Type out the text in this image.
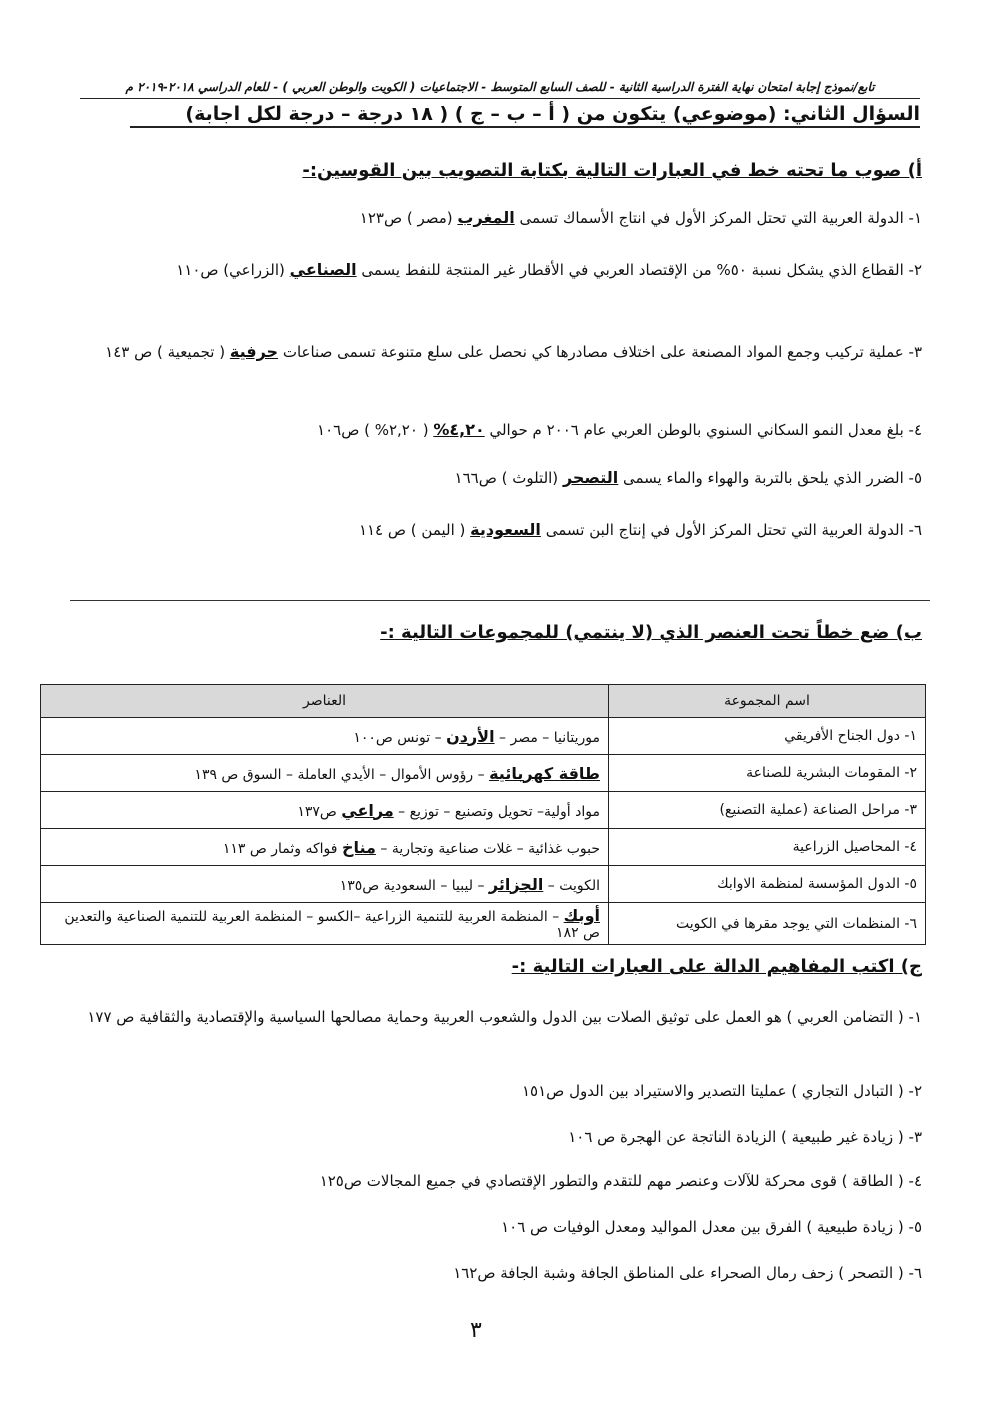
تابع/نموذج إجابة امتحان نهاية الفترة الدراسية الثانية - للصف السابع المتوسط - الاجتماعيات ( الكويت والوطن العربي ) - للعام الدراسي ٢٠١٨-٢٠١٩ م
السؤال الثاني: (موضوعي) يتكون من ( أ – ب – ج ) ( ١٨ درجة – درجة لكل اجابة)
أ) صوب ما تحته خط في العبارات التالية بكتابة التصويب بين القوسين:-
١- الدولة العربية التي تحتل المركز الأول في انتاج الأسماك تسمى المغرب (مصر ) ص١٢٣
٢- القطاع الذي يشكل نسبة ٥٠% من الإقتصاد العربي في الأقطار غير المنتجة للنفط يسمى الصناعي (الزراعي) ص١١٠
٣- عملية تركيب وجمع المواد المصنعة على اختلاف مصادرها كي نحصل على سلع متنوعة تسمى صناعات حرفية ( تجميعية ) ص ١٤٣
٤- بلغ معدل النمو السكاني السنوي بالوطن العربي عام ٢٠٠٦ م حوالي ٤,٢٠% ( ٢,٢٠% ) ص١٠٦
٥- الضرر الذي يلحق بالتربة والهواء والماء يسمى التصحر (التلوث ) ص١٦٦
٦- الدولة العربية التي تحتل المركز الأول في إنتاج البن تسمى السعودية ( اليمن ) ص ١١٤
ب) ضع خطاً تحت العنصر الذي (لا ينتمي) للمجموعات التالية :-
اسم المجموعة	العناصر
١- دول الجناح الأفريقي	موريتانيا – مصر – الأردن – تونس ص١٠٠
٢- المقومات البشرية للصناعة	طاقة كهربائية – رؤوس الأموال – الأيدي العاملة – السوق ص ١٣٩
٣- مراحل الصناعة (عملية التصنيع)	مواد أولية– تحويل وتصنيع – توزيع – مراعي ص١٣٧
٤- المحاصيل الزراعية	حبوب غذائية – غلات صناعية وتجارية – مناخ فواكه وثمار ص ١١٣
٥- الدول المؤسسة لمنظمة الاوابك	الكويت – الجزائر – ليبيا – السعودية ص١٣٥
٦- المنظمات التي يوجد مقرها في الكويت	أوبك – المنظمة العربية للتنمية الزراعية –الكسو – المنظمة العربية للتنمية الصناعية والتعدين ص ١٨٢
ج) اكتب المفاهيم الدالة على العبارات التالية :-
١- ( التضامن العربي ) هو العمل على توثيق الصلات بين الدول والشعوب العربية وحماية مصالحها السياسية والإقتصادية والثقافية ص ١٧٧
٢- ( التبادل التجاري ) عمليتا التصدير والاستيراد بين الدول ص١٥١
٣- ( زيادة غير طبيعية ) الزيادة الناتجة عن الهجرة ص ١٠٦
٤- ( الطاقة ) قوى محركة للآلات وعنصر مهم للتقدم والتطور الإقتصادي في جميع المجالات ص١٢٥
٥- ( زيادة طبيعية ) الفرق بين معدل المواليد ومعدل الوفيات ص ١٠٦
٦- ( التصحر ) زحف رمال الصحراء على المناطق الجافة وشبة الجافة ص١٦٢
٣
